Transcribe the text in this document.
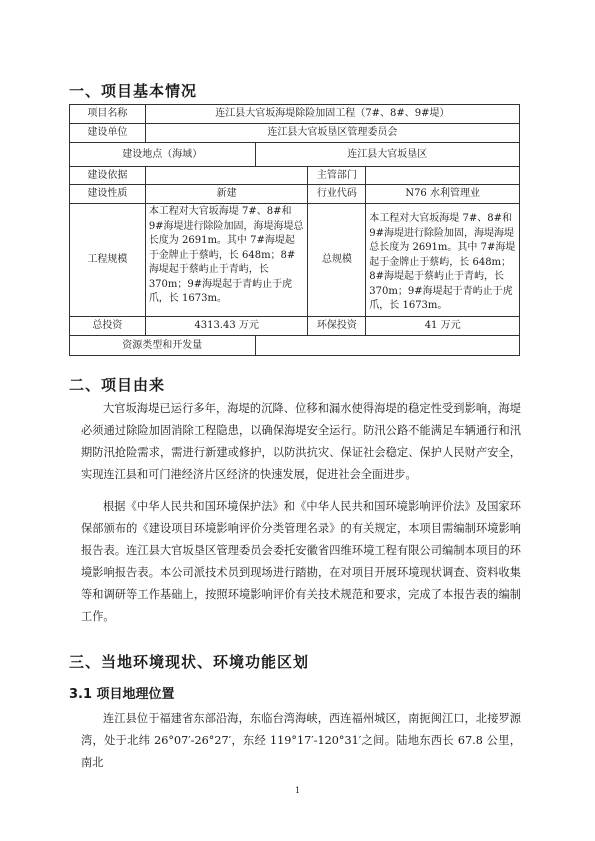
一、项目基本情况
项目名称	连江县大官坂海堤除险加固工程（7#、8#、9#堤）			
建设单位	连江县大官坂垦区管理委员会			
建设地点（海域）		连江县大官坂垦区		
建设依据			主管部门	
建设性质	新建		行业代码	N76 水利管理业
工程规模	本工程对大官坂海堤 7#、8#和 9#海堤进行除险加固，海堤海堤总长度为 2691m。其中 7#海堤起于金牌止于蔡屿，长 648m；8#海堤起于蔡屿止于青屿，长 370m；9#海堤起于青屿止于虎爪，长 1673m。		总规模	本工程对大官坂海堤 7#、8#和 9#海堤进行除险加固，海堤海堤总长度为 2691m。其中 7#海堤起于金牌止于蔡屿，长 648m；8#海堤起于蔡屿止于青屿，长 370m；9#海堤起于青屿止于虎爪，长 1673m。
总投资	4313.43 万元		环保投资	41 万元
资源类型和开发量				
二、项目由来

大官坂海堤已运行多年，海堤的沉降、位移和漏水使得海堤的稳定性受到影响，海堤必须通过除险加固消除工程隐患，以确保海堤安全运行。防汛公路不能满足车辆通行和汛期防汛抢险需求，需进行新建或修护，以防洪抗灾、保证社会稳定、保护人民财产安全，实现连江县和可门港经济片区经济的快速发展，促进社会全面进步。

根据《中华人民共和国环境保护法》和《中华人民共和国环境影响评价法》及国家环保部颁布的《建设项目环境影响评价分类管理名录》的有关规定，本项目需编制环境影响报告表。连江县大官坂垦区管理委员会委托安徽省四维环境工程有限公司编制本项目的环境影响报告表。本公司派技术员到现场进行踏勘，在对项目开展环境现状调查、资料收集等和调研等工作基础上，按照环境影响评价有关技术规范和要求，完成了本报告表的编制工作。

三、当地环境现状、环境功能区划
3.1 项目地理位置

连江县位于福建省东部沿海，东临台湾海峡，西连福州城区，南扼闽江口，北接罗源湾，处于北纬 26°07′-26°27′，东经 119°17′-120°31′之间。陆地东西长 67.8 公里，南北

1
